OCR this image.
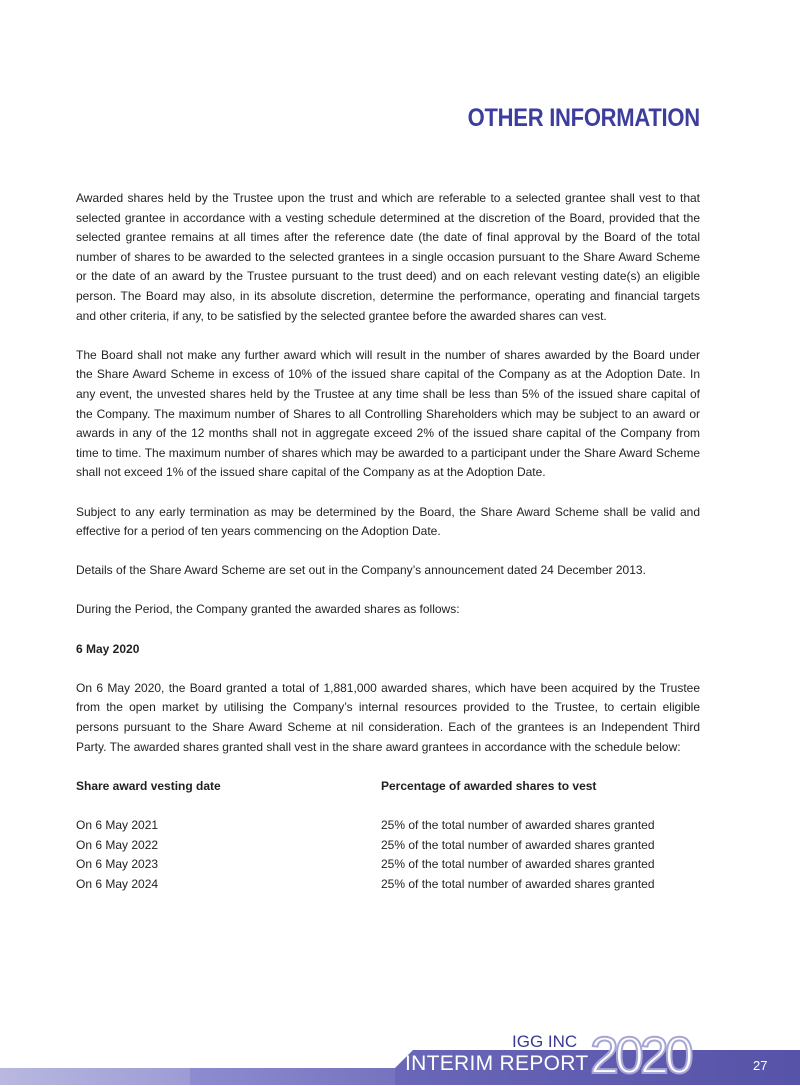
OTHER INFORMATION

Awarded shares held by the Trustee upon the trust and which are referable to a selected grantee shall vest to that selected grantee in accordance with a vesting schedule determined at the discretion of the Board, provided that the selected grantee remains at all times after the reference date (the date of final approval by the Board of the total number of shares to be awarded to the selected grantees in a single occasion pursuant to the Share Award Scheme or the date of an award by the Trustee pursuant to the trust deed) and on each relevant vesting date(s) an eligible person. The Board may also, in its absolute discretion, determine the performance, operating and financial targets and other criteria, if any, to be satisfied by the selected grantee before the awarded shares can vest.

The Board shall not make any further award which will result in the number of shares awarded by the Board under the Share Award Scheme in excess of 10% of the issued share capital of the Company as at the Adoption Date. In any event, the unvested shares held by the Trustee at any time shall be less than 5% of the issued share capital of the Company. The maximum number of Shares to all Controlling Shareholders which may be subject to an award or awards in any of the 12 months shall not in aggregate exceed 2% of the issued share capital of the Company from time to time. The maximum number of shares which may be awarded to a participant under the Share Award Scheme shall not exceed 1% of the issued share capital of the Company as at the Adoption Date.

Subject to any early termination as may be determined by the Board, the Share Award Scheme shall be valid and effective for a period of ten years commencing on the Adoption Date.

Details of the Share Award Scheme are set out in the Company’s announcement dated 24 December 2013.

During the Period, the Company granted the awarded shares as follows:

6 May 2020

On 6 May 2020, the Board granted a total of 1,881,000 awarded shares, which have been acquired by the Trustee from the open market by utilising the Company’s internal resources provided to the Trustee, to certain eligible persons pursuant to the Share Award Scheme at nil consideration. Each of the grantees is an Independent Third Party. The awarded shares granted shall vest in the share award grantees in accordance with the schedule below:

Share award vesting date	Percentage of awarded shares to vest

On 6 May 2021	25% of the total number of awarded shares granted
On 6 May 2022	25% of the total number of awarded shares granted
On 6 May 2023	25% of the total number of awarded shares granted
On 6 May 2024	25% of the total number of awarded shares granted
IGG INC
INTERIM REPORT 2020	27
